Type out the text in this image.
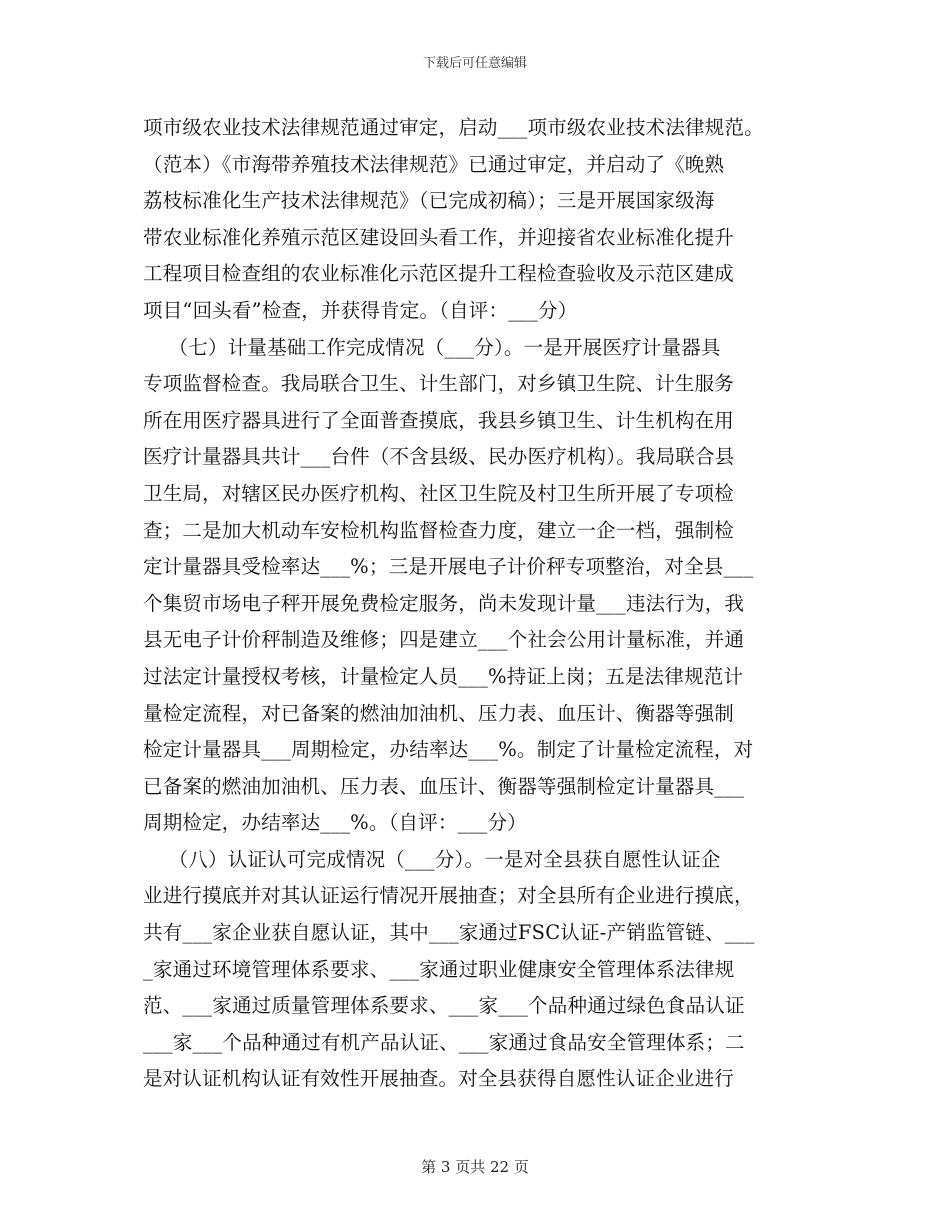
下载后可任意编辑
项市级农业技术法律规范通过审定，启动___项市级农业技术法律规范。
（范本）《市海带养殖技术法律规范》已通过审定，并启动了《晚熟
荔枝标准化生产技术法律规范》（已完成初稿）；三是开展国家级海
带农业标准化养殖示范区建设回头看工作，并迎接省农业标准化提升
工程项目检查组的农业标准化示范区提升工程检查验收及示范区建成
项目“回头看”检查，并获得肯定。（自评：___分）
（七）计量基础工作完成情况（___分）。一是开展医疗计量器具
专项监督检查。我局联合卫生、计生部门，对乡镇卫生院、计生服务
所在用医疗器具进行了全面普查摸底，我县乡镇卫生、计生机构在用
医疗计量器具共计___台件（不含县级、民办医疗机构）。我局联合县
卫生局，对辖区民办医疗机构、社区卫生院及村卫生所开展了专项检
查；二是加大机动车安检机构监督检查力度，建立一企一档，强制检
定计量器具受检率达___%；三是开展电子计价秤专项整治，对全县___
个集贸市场电子秤开展免费检定服务，尚未发现计量___违法行为，我
县无电子计价秤制造及维修；四是建立___个社会公用计量标准，并通
过法定计量授权考核，计量检定人员___%持证上岗；五是法律规范计
量检定流程，对已备案的燃油加油机、压力表、血压计、衡器等强制
检定计量器具___周期检定，办结率达___%。制定了计量检定流程，对
已备案的燃油加油机、压力表、血压计、衡器等强制检定计量器具___
周期检定，办结率达___%。（自评：___分）
（八）认证认可完成情况（___分）。一是对全县获自愿性认证企
业进行摸底并对其认证运行情况开展抽查；对全县所有企业进行摸底，
共有___家企业获自愿认证，其中___家通过FSC认证-产销监管链、___
_家通过环境管理体系要求、___家通过职业健康安全管理体系法律规
范、___家通过质量管理体系要求、___家___个品种通过绿色食品认证
___家___个品种通过有机产品认证、___家通过食品安全管理体系；二
是对认证机构认证有效性开展抽查。对全县获得自愿性认证企业进行
第 3 页共 22 页
